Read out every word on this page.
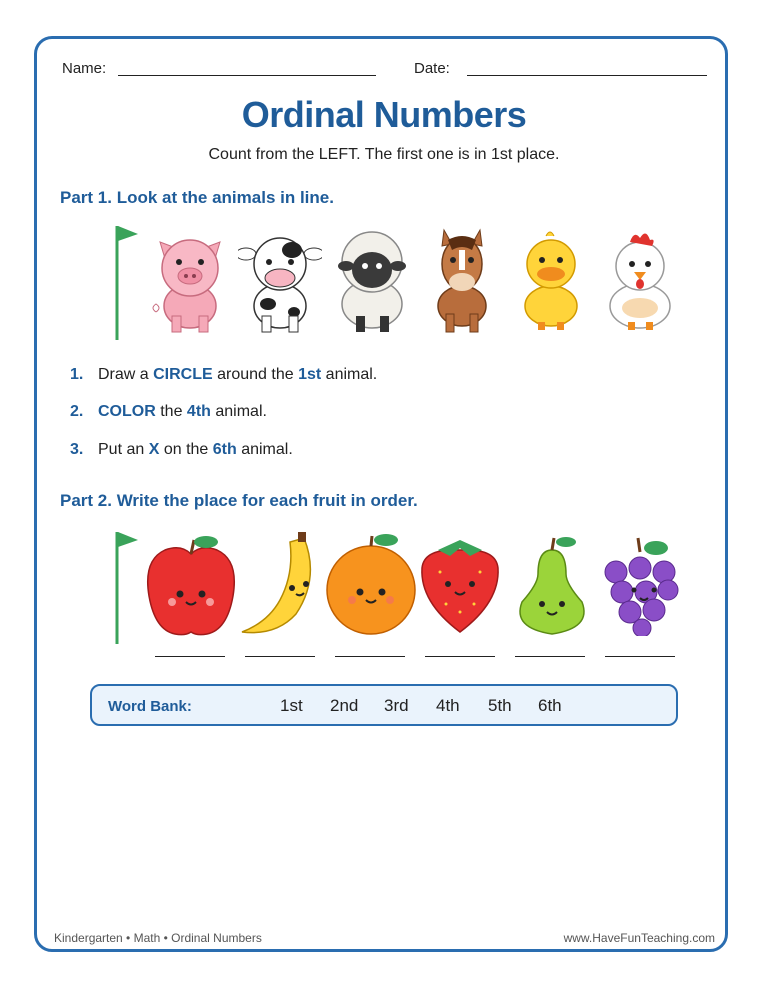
Name:	Date:
Ordinal Numbers
Count from the LEFT. The first one is in 1st place.
Part 1. Look at the animals in line.
1. Draw a CIRCLE around the 1st animal.
2. COLOR the 4th animal.
3. Put an X on the 6th animal.
Part 2. Write the place for each fruit in order.
Word Bank:	1st 2nd 3rd 4th 5th 6th
Kindergarten • Math • Ordinal Numbers	www.HaveFunTeaching.com
